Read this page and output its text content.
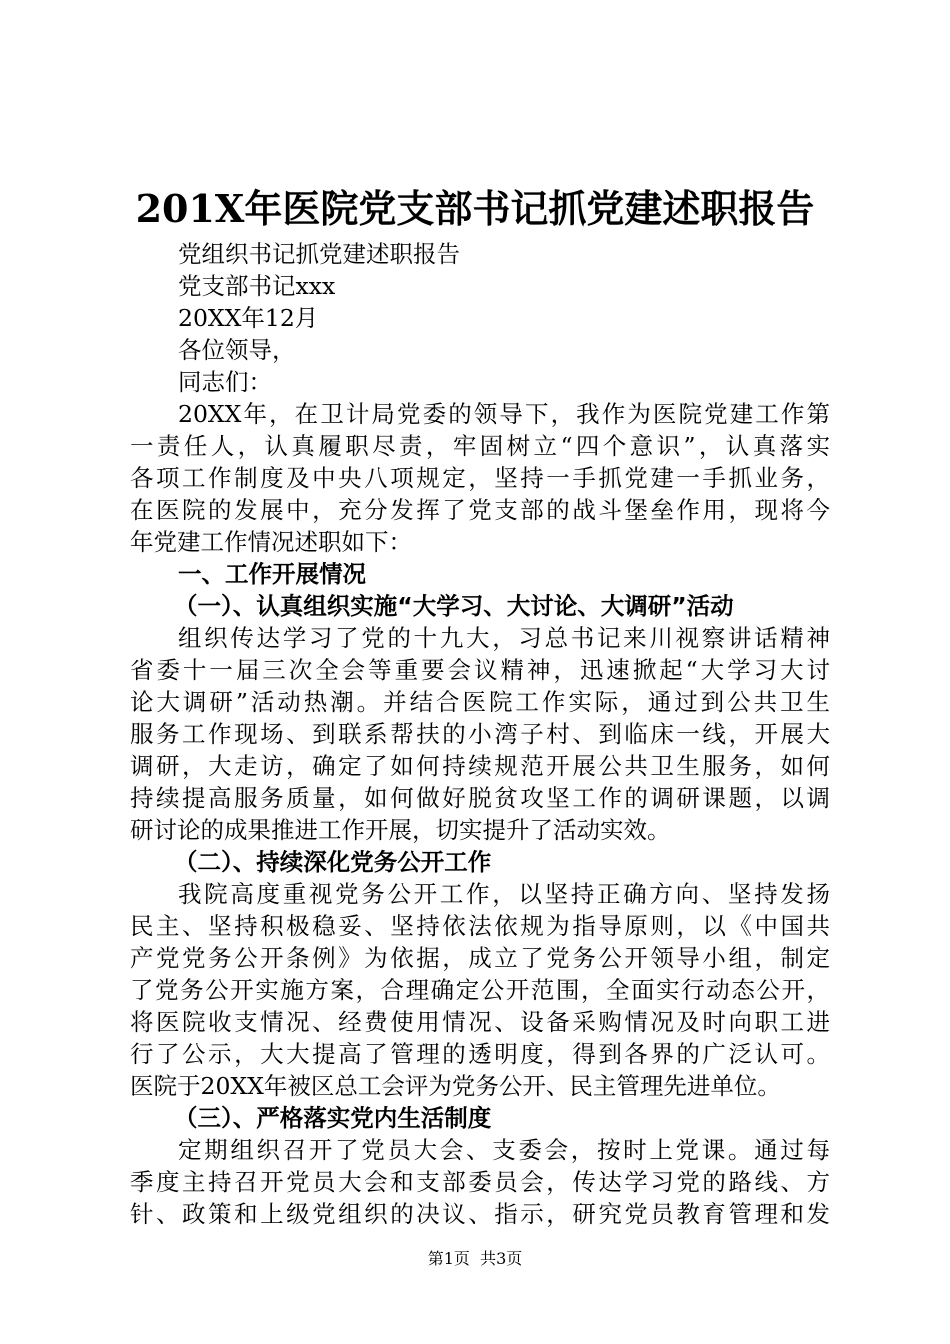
201X年医院党支部书记抓党建述职报告

党组织书记抓党建述职报告

党支部书记xxx

20XX年12月

各位领导，

同志们：

20XX年，在卫计局党委的领导下，我作为医院党建工作第

一责任人，认真履职尽责，牢固树立“四个意识”，认真落实

各项工作制度及中央八项规定，坚持一手抓党建一手抓业务，

在医院的发展中，充分发挥了党支部的战斗堡垒作用，现将今

年党建工作情况述职如下：

一、工作开展情况

（一）、认真组织实施“大学习、大讨论、大调研”活动

组织传达学习了党的十九大，习总书记来川视察讲话精神

省委十一届三次全会等重要会议精神，迅速掀起“大学习大讨

论大调研”活动热潮。并结合医院工作实际，通过到公共卫生

服务工作现场、到联系帮扶的小湾子村、到临床一线，开展大

调研，大走访，确定了如何持续规范开展公共卫生服务，如何

持续提高服务质量，如何做好脱贫攻坚工作的调研课题，以调

研讨论的成果推进工作开展，切实提升了活动实效。

（二）、持续深化党务公开工作

我院高度重视党务公开工作，以坚持正确方向、坚持发扬

民主、坚持积极稳妥、坚持依法依规为指导原则，以《中国共

产党党务公开条例》为依据，成立了党务公开领导小组，制定

了党务公开实施方案，合理确定公开范围，全面实行动态公开，

将医院收支情况、经费使用情况、设备采购情况及时向职工进

行了公示，大大提高了管理的透明度，得到各界的广泛认可。

医院于20XX年被区总工会评为党务公开、民主管理先进单位。

（三）、严格落实党内生活制度

定期组织召开了党员大会、支委会，按时上党课。通过每

季度主持召开党员大会和支部委员会，传达学习党的路线、方

针、政策和上级党组织的决议、指示，研究党员教育管理和发

第1页  共3页
